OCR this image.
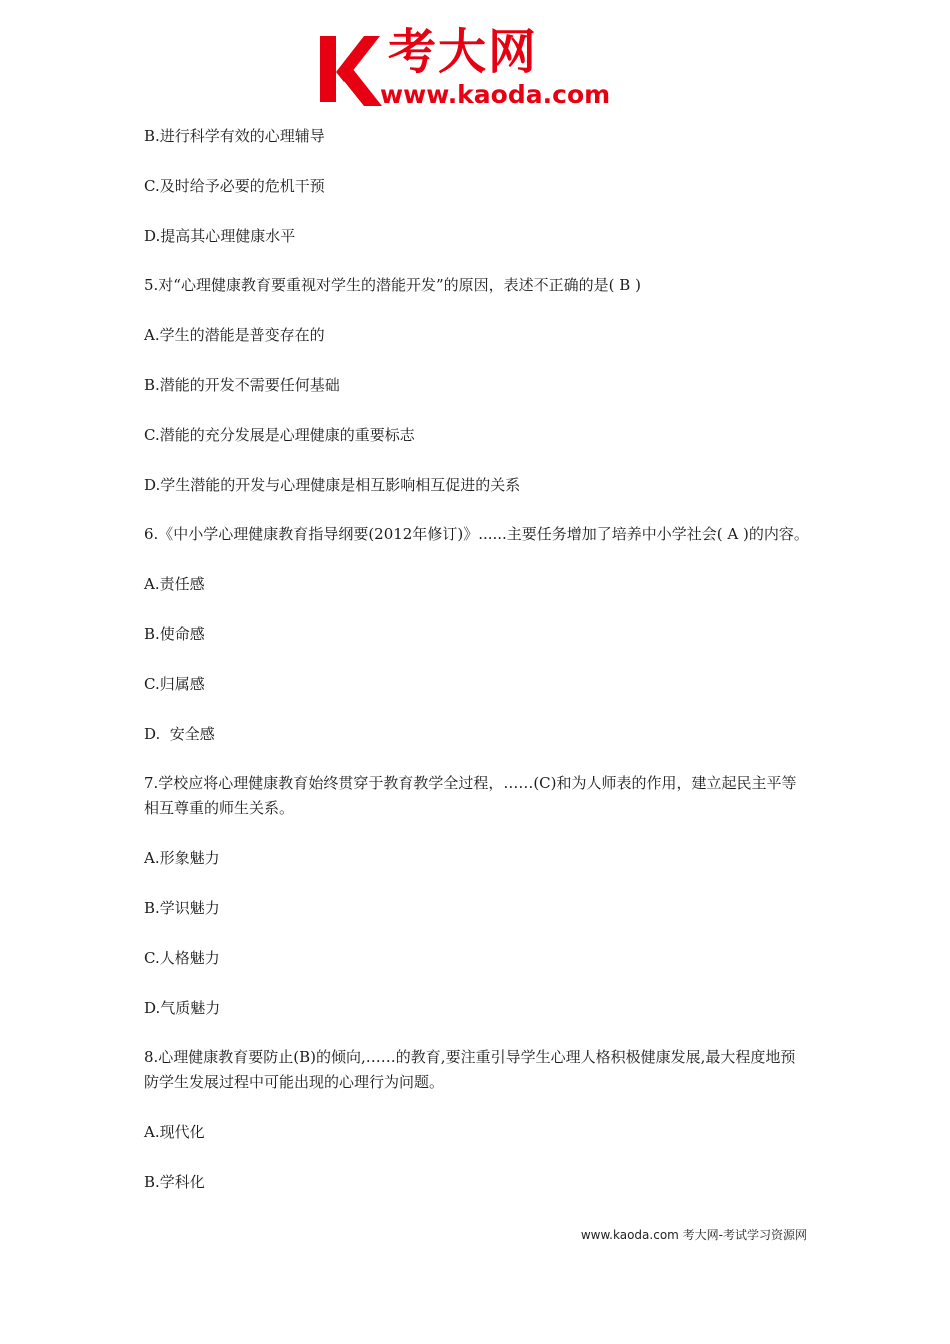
考大网
www.kaoda.com
B.进行科学有效的心理辅导
C.及时给予必要的危机干预
D.提高其心理健康水平
5.对“心理健康教育要重视对学生的潜能开发”的原因，表述不正确的是( B )
A.学生的潜能是普变存在的
B.潜能的开发不需要任何基础
C.潜能的充分发展是心理健康的重要标志
D.学生潜能的开发与心理健康是相互影响相互促进的关系
6.《中小学心理健康教育指导纲要(2012年修订)》......主要任务增加了培养中小学社会( A )的内容。
A.责任感
B.使命感
C.归属感
D.  安全感
7.学校应将心理健康教育始终贯穿于教育教学全过程，……(C)和为人师表的作用，建立起民主平等相互尊重的师生关系。
A.形象魅力
B.学识魅力
C.人格魅力
D.气质魅力
8.心理健康教育要防止(B)的倾向,……的教育,要注重引导学生心理人格积极健康发展,最大程度地预防学生发展过程中可能出现的心理行为问题。
A.现代化
B.学科化
www.kaoda.com 考大网-考试学习资源网
